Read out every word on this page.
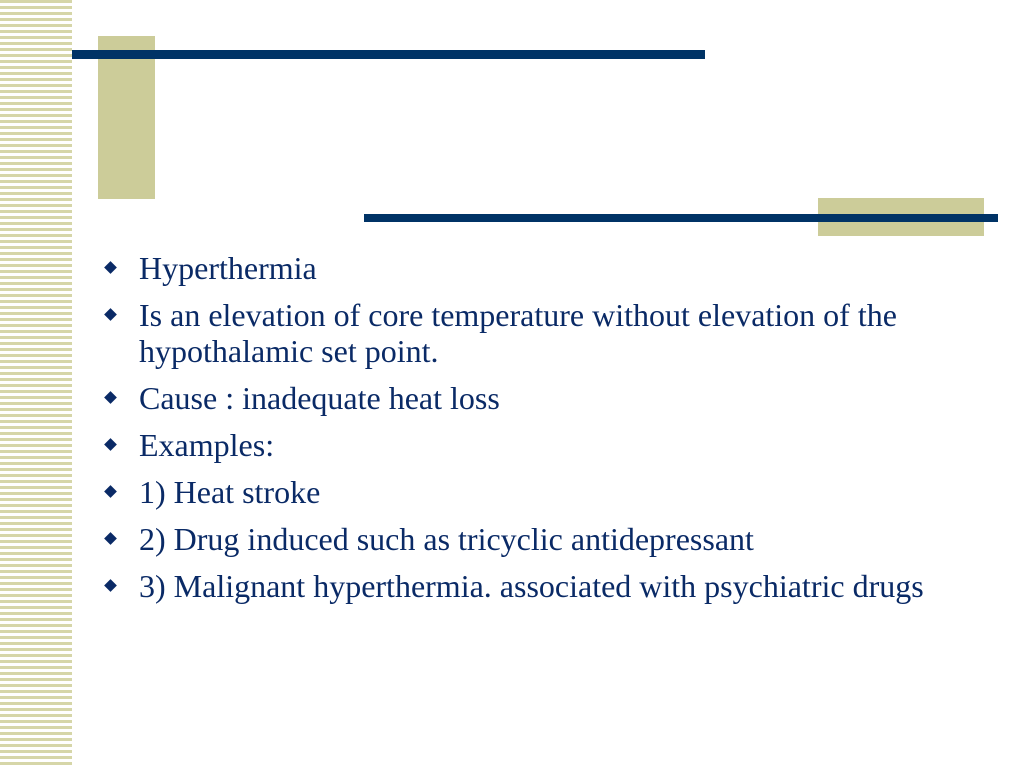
Hyperthermia
Is an elevation of core temperature without elevation of the hypothalamic set point.
Cause : inadequate heat loss
Examples:
1) Heat stroke
2) Drug induced such as tricyclic antidepressant
3) Malignant hyperthermia. associated with psychiatric drugs
